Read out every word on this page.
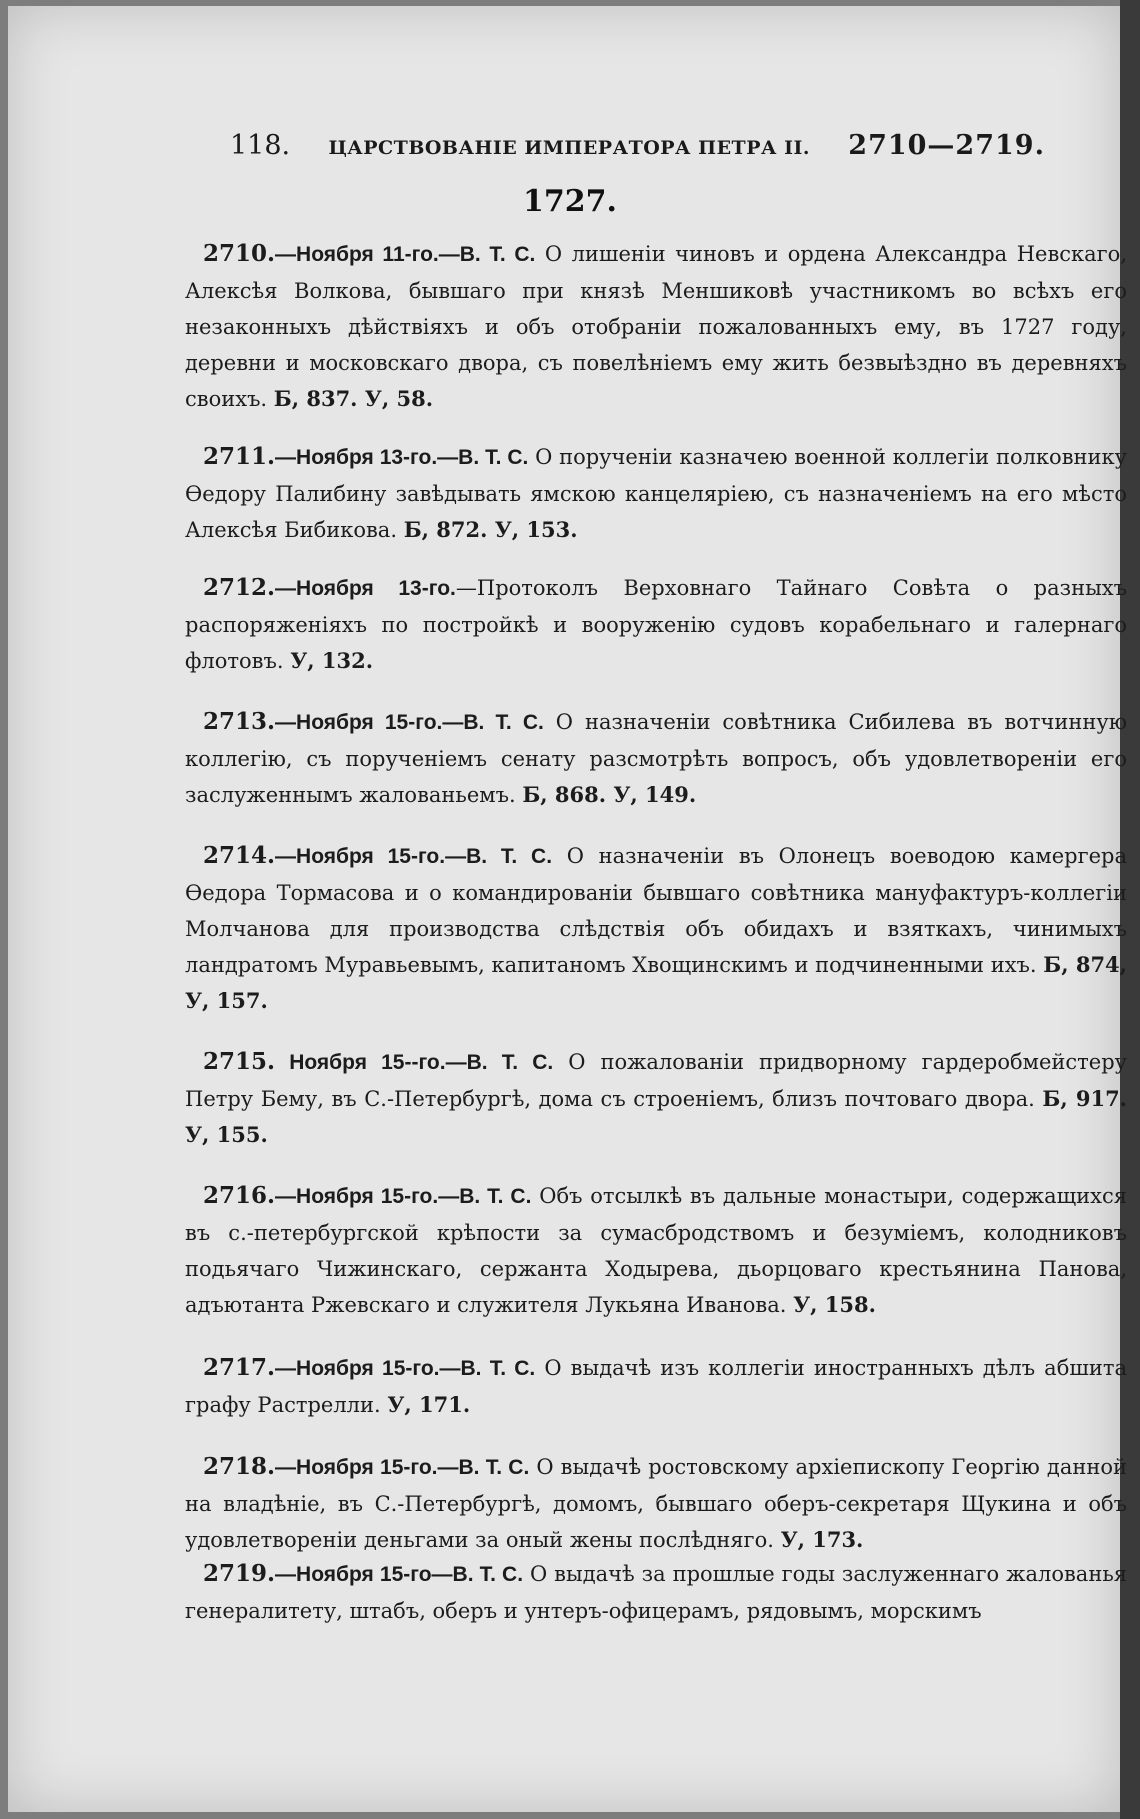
118. ЦАРСТВОВАНІЕ ИМПЕРАТОРА ПЕТРА II. 2710—2719.
1727.

2710.—Ноября 11-го.—В. Т. С. О лишеніи чиновъ и ордена Александра Невскаго, Алексѣя Волкова, бывшаго при князѣ Меншиковѣ участникомъ во всѣхъ его незаконныхъ дѣйствіяхъ и объ отобраніи пожалованныхъ ему, въ 1727 году, деревни и московскаго двора, съ повелѣніемъ ему жить безвыѣздно въ деревняхъ своихъ. Б, 837. У, 58.

2711.—Ноября 13-го.—В. Т. С. О порученіи казначею военной коллегіи полковнику Ѳедору Палибину завѣдывать ямскою канцеляріею, съ назначеніемъ на его мѣсто Алексѣя Бибикова. Б, 872. У, 153.

2712.—Ноября 13-го.—Протоколъ Верховнаго Тайнаго Совѣта о разныхъ распоряженіяхъ по постройкѣ и вооруженію судовъ корабельнаго и галернаго флотовъ. У, 132.

2713.—Ноября 15-го.—В. Т. С. О назначеніи совѣтника Сибилева въ вотчинную коллегію, съ порученіемъ сенату разсмотрѣть вопросъ, объ удовлетвореніи его заслуженнымъ жалованьемъ. Б, 868. У, 149.

2714.—Ноября 15-го.—В. Т. С. О назначеніи въ Олонецъ воеводою камергера Ѳедора Тормасова и о командированіи бывшаго совѣтника мануфактуръ-коллегіи Молчанова для производства слѣдствія объ обидахъ и взяткахъ, чинимыхъ ландратомъ Муравьевымъ, капитаномъ Хвощинскимъ и подчиненными ихъ. Б, 874, У, 157.

2715. Ноября 15--го.—В. Т. С. О пожалованіи придворному гардеробмейстеру Петру Бему, въ С.-Петербургѣ, дома съ строеніемъ, близъ почтоваго двора. Б, 917. У, 155.

2716.—Ноября 15-го.—В. Т. С. Объ отсылкѣ въ дальные монастыри, содержащихся въ с.-петербургской крѣпости за сумасбродствомъ и безуміемъ, колодниковъ подьячаго Чижинскаго, сержанта Ходырева, дьорцоваго крестьянина Панова, адъютанта Ржевскаго и служителя Лукьяна Иванова. У, 158.

2717.—Ноября 15-го.—В. Т. С. О выдачѣ изъ коллегіи иностранныхъ дѣлъ абшита графу Растрелли. У, 171.

2718.—Ноября 15-го.—В. Т. С. О выдачѣ ростовскому архіепископу Георгію данной на владѣніе, въ С.-Петербургѣ, домомъ, бывшаго оберъ-секретаря Щукина и объ удовлетвореніи деньгами за оный жены послѣдняго. У, 173.

2719.—Ноября 15-го—В. Т. С. О выдачѣ за прошлые годы заслуженнаго жалованья генералитету, штабъ, оберъ и унтеръ-офицерамъ, рядовымъ, морскимъ
